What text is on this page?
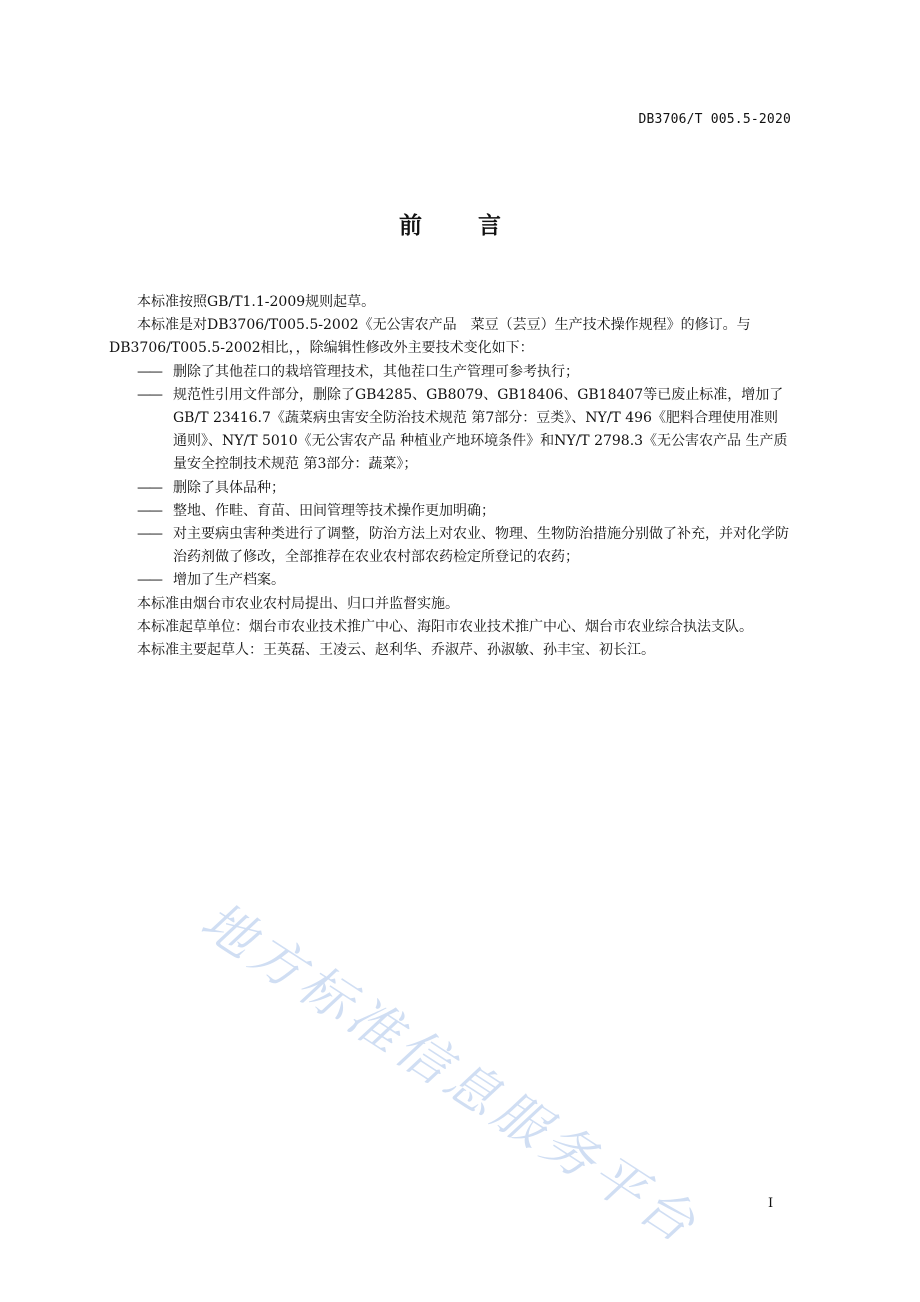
DB3706/T 005.5-2020
前 言

本标准按照GB/T1.1-2009规则起草。

本标准是对DB3706/T005.5-2002《无公害农产品　菜豆（芸豆）生产技术操作规程》的修订。与DB3706/T005.5-2002相比，，除编辑性修改外主要技术变化如下：

—— 删除了其他茬口的栽培管理技术，其他茬口生产管理可参考执行；

—— 规范性引用文件部分，删除了GB4285、GB8079、GB18406、GB18407等已废止标准，增加了GB/T 23416.7《蔬菜病虫害安全防治技术规范 第7部分：豆类》、NY/T 496《肥料合理使用准则 通则》、NY/T 5010《无公害农产品 种植业产地环境条件》和NY/T 2798.3《无公害农产品 生产质量安全控制技术规范 第3部分：蔬菜》；

—— 删除了具体品种；

—— 整地、作畦、育苗、田间管理等技术操作更加明确；

—— 对主要病虫害种类进行了调整，防治方法上对农业、物理、生物防治措施分别做了补充，并对化学防治药剂做了修改，全部推荐在农业农村部农药检定所登记的农药；

—— 增加了生产档案。

本标准由烟台市农业农村局提出、归口并监督实施。

本标准起草单位：烟台市农业技术推广中心、海阳市农业技术推广中心、烟台市农业综合执法支队。

本标准主要起草人：王英磊、王凌云、赵利华、乔淑芹、孙淑敏、孙丰宝、初长江。

地方标准信息服务平台	I
